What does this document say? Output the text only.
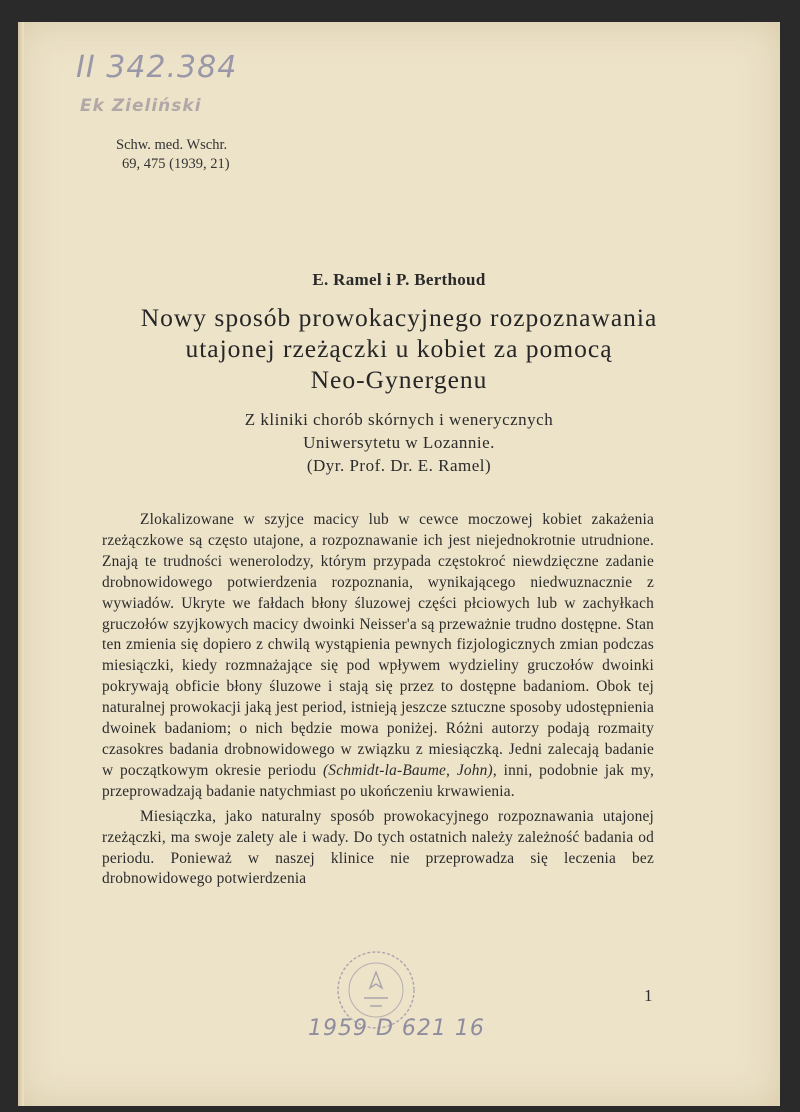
II 342.384
Ek Zieliński
Schw. med. Wschr.
69, 475 (1939, 21)
E. Ramel i P. Berthoud
Nowy sposób prowokacyjnego rozpoznawania
utajonej rzeżączki u kobiet za pomocą
Neo-Gynergenu
Z kliniki chorób skórnych i wenerycznych
Uniwersytetu w Lozannie.
(Dyr. Prof. Dr. E. Ramel)

Zlokalizowane w szyjce macicy lub w cewce moczowej kobiet zakażenia rzeżączkowe są często utajone, a rozpoznawanie ich jest niejednokrotnie utrudnione. Znają te trudności wenerolodzy, którym przypada częstokroć niewdzięczne zadanie drobnowidowego potwierdzenia rozpoznania, wynikającego niedwuznacznie z wywiadów. Ukryte we fałdach błony śluzowej części płciowych lub w zachyłkach gruczołów szyjkowych macicy dwoinki Neisser'a są przeważnie trudno dostępne. Stan ten zmienia się dopiero z chwilą wystąpienia pewnych fizjologicznych zmian podczas miesiączki, kiedy rozmnażające się pod wpływem wydzieliny gruczołów dwoinki pokrywają obficie błony śluzowe i stają się przez to dostępne badaniom. Obok tej naturalnej prowokacji jaką jest period, istnieją jeszcze sztuczne sposoby udostępnienia dwoinek badaniom; o nich będzie mowa poniżej. Różni autorzy podają rozmaity czasokres badania drobnowidowego w związku z miesiączką. Jedni zalecają badanie w początkowym okresie periodu (Schmidt-la-Baume, John), inni, podobnie jak my, przeprowadzają badanie natychmiast po ukończeniu krwawienia.

Miesiączka, jako naturalny sposób prowokacyjnego rozpoznawania utajonej rzeżączki, ma swoje zalety ale i wady. Do tych ostatnich należy zależność badania od periodu. Ponieważ w naszej klinice nie przeprowadza się leczenia bez drobnowidowego potwierdzenia

1
1959 D 621 16
